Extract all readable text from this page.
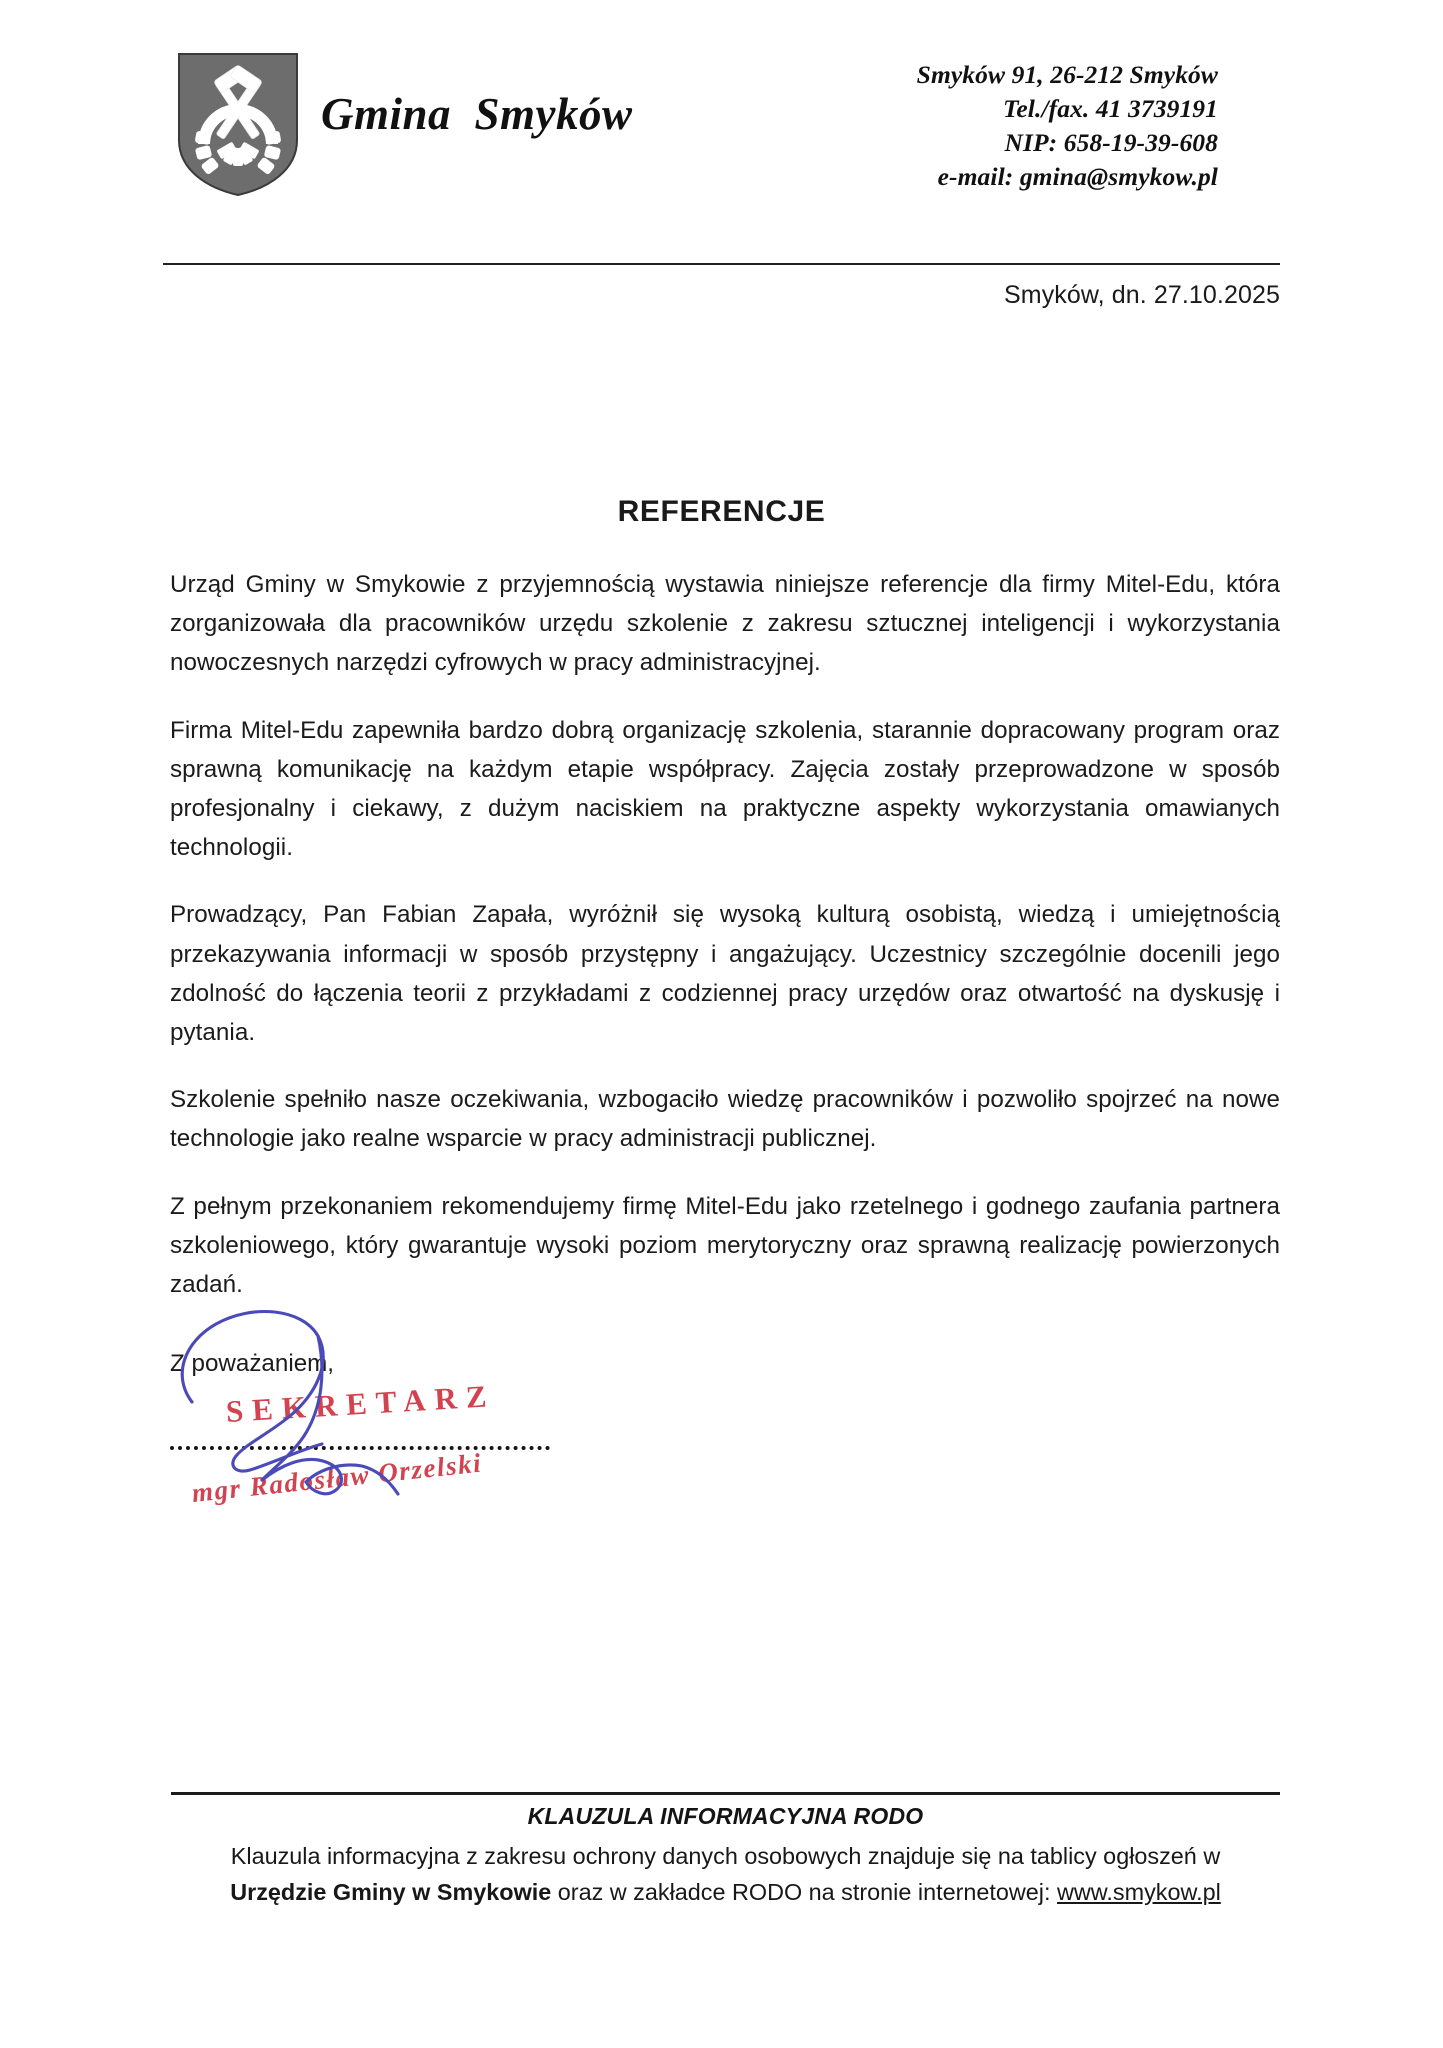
Gmina  Smyków
Smyków 91, 26-212 Smyków
Tel./fax. 41 3739191
NIP: 658-19-39-608
e-mail: gmina@smykow.pl
Smyków, dn. 27.10.2025
REFERENCJE

Urząd Gminy w Smykowie z przyjemnością wystawia niniejsze referencje dla firmy Mitel-Edu, która zorganizowała dla pracowników urzędu szkolenie z zakresu sztucznej inteligencji i wykorzystania nowoczesnych narzędzi cyfrowych w pracy administracyjnej.

Firma Mitel-Edu zapewniła bardzo dobrą organizację szkolenia, starannie dopracowany program oraz sprawną komunikację na każdym etapie współpracy. Zajęcia zostały przeprowadzone w sposób profesjonalny i ciekawy, z dużym naciskiem na praktyczne aspekty wykorzystania omawianych technologii.

Prowadzący, Pan Fabian Zapała, wyróżnił się wysoką kulturą osobistą, wiedzą i umiejętnością przekazywania informacji w sposób przystępny i angażujący. Uczestnicy szczególnie docenili jego zdolność do łączenia teorii z przykładami z codziennej pracy urzędów oraz otwartość na dyskusję i pytania.

Szkolenie spełniło nasze oczekiwania, wzbogaciło wiedzę pracowników i pozwoliło spojrzeć na nowe technologie jako realne wsparcie w pracy administracji publicznej.

Z pełnym przekonaniem rekomendujemy firmę Mitel-Edu jako rzetelnego i godnego zaufania partnera szkoleniowego, który gwarantuje wysoki poziom merytoryczny oraz sprawną realizację powierzonych zadań.

Z poważaniem,
SEKRETARZ
mgr Radosław Orzelski
KLAUZULA INFORMACYJNA RODO
Klauzula informacyjna z zakresu ochrony danych osobowych znajduje się na tablicy ogłoszeń w
Urzędzie Gminy w Smykowie oraz w zakładce RODO na stronie internetowej: www.smykow.pl
